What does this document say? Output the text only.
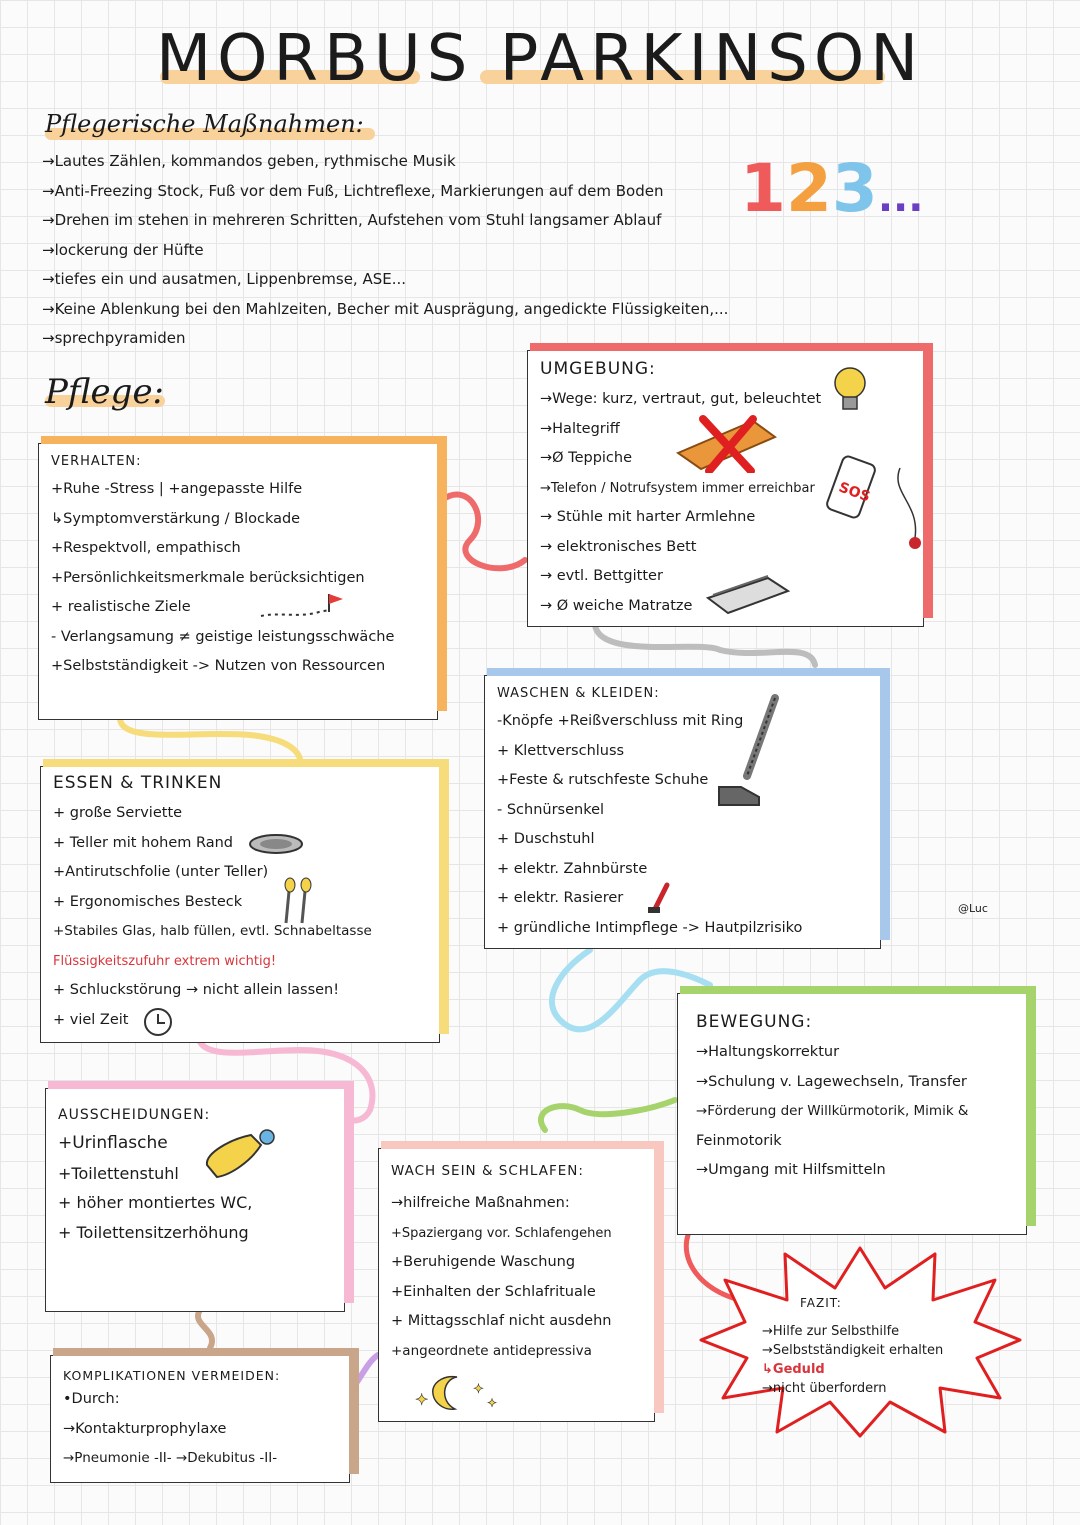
MORBUS PARKINSON
Pflegerische Maßnahmen:
→Lautes Zählen, kommandos geben, rythmische Musik
→Anti-Freezing Stock, Fuß vor dem Fuß, Lichtreflexe, Markierungen auf dem Boden
→Drehen im stehen in mehreren Schritten, Aufstehen vom Stuhl langsamer Ablauf
→lockerung der Hüfte
→tiefes ein und ausatmen, Lippenbremse, ASE...
→Keine Ablenkung bei den Mahlzeiten, Becher mit Ausprägung, angedickte Flüssigkeiten,...
→sprechpyramiden
123...
Pflege:
VERHALTEN:
+Ruhe -Stress | +angepasste Hilfe
↳Symptomverstärkung / Blockade
+Respektvoll, empathisch
+Persönlichkeitsmerkmale berücksichtigen
+ realistische Ziele
- Verlangsamung ≠ geistige leistungsschwäche
+Selbstständigkeit -> Nutzen von Ressourcen
UMGEBUNG:
→Wege: kurz, vertraut, gut, beleuchtet
→Haltegriff
→Ø Teppiche
→Telefon / Notrufsystem immer erreichbar
→ Stühle mit harter Armlehne
→ elektronisches Bett
→ evtl. Bettgitter
→ Ø weiche Matratze
SOS
WASCHEN & KLEIDEN:
-Knöpfe +Reißverschluss mit Ring
+ Klettverschluss
+Feste & rutschfeste Schuhe
- Schnürsenkel
+ Duschstuhl
+ elektr. Zahnbürste
+ elektr. Rasierer
+ gründliche Intimpflege -> Hautpilzrisiko
ESSEN & TRINKEN
+ große Serviette
+ Teller mit hohem Rand
+Antirutschfolie (unter Teller)
+ Ergonomisches Besteck
+Stabiles Glas, halb füllen, evtl. Schnabeltasse
Flüssigkeitszufuhr extrem wichtig!
+ Schluckstörung → nicht allein lassen!
+ viel Zeit
@Luc
BEWEGUNG:
→Haltungskorrektur
→Schulung v. Lagewechseln, Transfer
→Förderung der Willkürmotorik, Mimik &
Feinmotorik
→Umgang mit Hilfsmitteln
AUSSCHEIDUNGEN:
+Urinflasche
+Toilettenstuhl
+ höher montiertes WC,
+ Toilettensitzerhöhung
WACH SEIN & SCHLAFEN:
→hilfreiche Maßnahmen:
+Spaziergang vor. Schlafengehen
+Beruhigende Waschung
+Einhalten der Schlafrituale
+ Mittagsschlaf nicht ausdehn
+angeordnete antidepressiva
✦
✦
✦
KOMPLIKATIONEN VERMEIDEN:
•Durch:
→Kontakturprophylaxe
→Pneumonie -II- →Dekubitus -II-
FAZIT:
→Hilfe zur Selbsthilfe
→Selbstständigkeit erhalten
↳Geduld
→nicht überfordern
